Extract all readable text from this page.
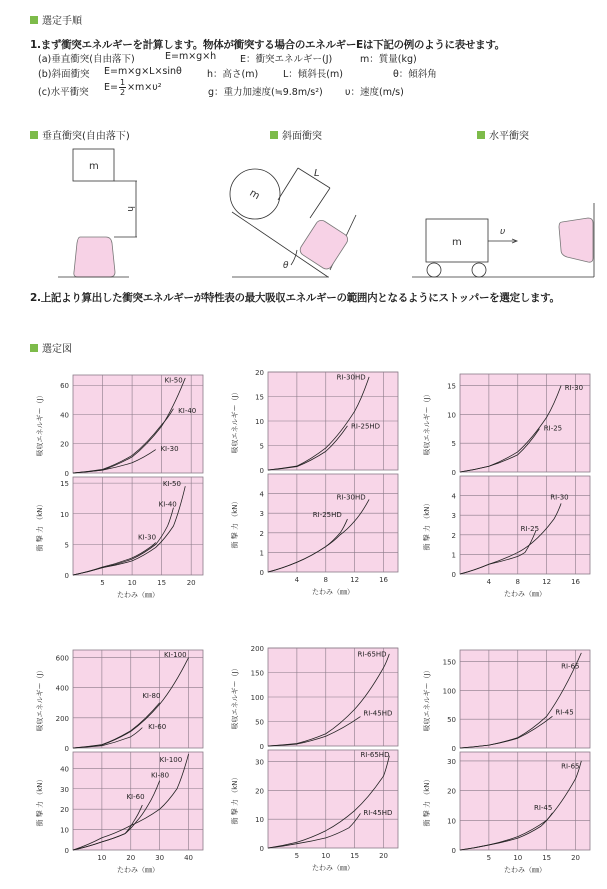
選定手順
1.まず衝突エネルギーを計算します。物体が衝突する場合のエネルギーEは下記の例のように表せます。
(a)垂直衝突(自由落下)	E=m×g×h	E：衝突エネルギー(J)	m：質量(kg)
(b)斜面衝突 E=m×g×L×sinθ	h：高さ(m)	L：傾斜長(m)	θ：傾斜角
(c)水平衝突 $E= \frac{1}{2} \times m\times\upsilon^2$	g：重力加速度(≒9.8m/s²) υ：速度(m/s)
垂直衝突(自由落下)	斜面衝突	水平衝突
m
h
m
L
θ
m
υ
2.上記より算出した衝突エネルギーが特性表の最大吸収エネルギーの範囲内となるようにストッパーを選定します。
選定図
0
20
40
60
吸収エネルギー（J）
KI-50
KI-40
KI-30
0
5
10
15
衝 撃 力 （kN）
KI-50
KI-40
KI-30
5	10	15	20
たわみ（㎜）
0
5
10
15
20
吸収エネルギー（J）
RI-30HD
RI-25HD
0
1
2
3
4
衝 撃 力 （kN）
RI-30HD
RI-25HD
4	8	12	16
たわみ（㎜）
0
5
10
15
吸収エネルギー（J）
RI-30
RI-25
0
1
2
3
4
衝 撃 力 （kN）
RI-30
RI-25
4	8	12	16
たわみ（㎜）
0
200
400
600
吸収エネルギー（J）
KI-100
KI-80
KI-60
0
10
20
30
40
衝 撃 力 （kN）
KI-100
KI-80
KI-60
10	20	30	40
たわみ（㎜）
0
50
100
150
200
吸収エネルギー（J）
RI-65HD
RI-45HD
0
10
20
30
衝 撃 力 （kN）
RI-65HD
RI-45HD
5	10	15	20
たわみ（㎜）
0
50
100
150
吸収エネルギー（J）
RI-65
RI-45
0
10
20
30
衝 撃 力 （kN）
RI-65
RI-45
5	10	15	20
たわみ（㎜）
